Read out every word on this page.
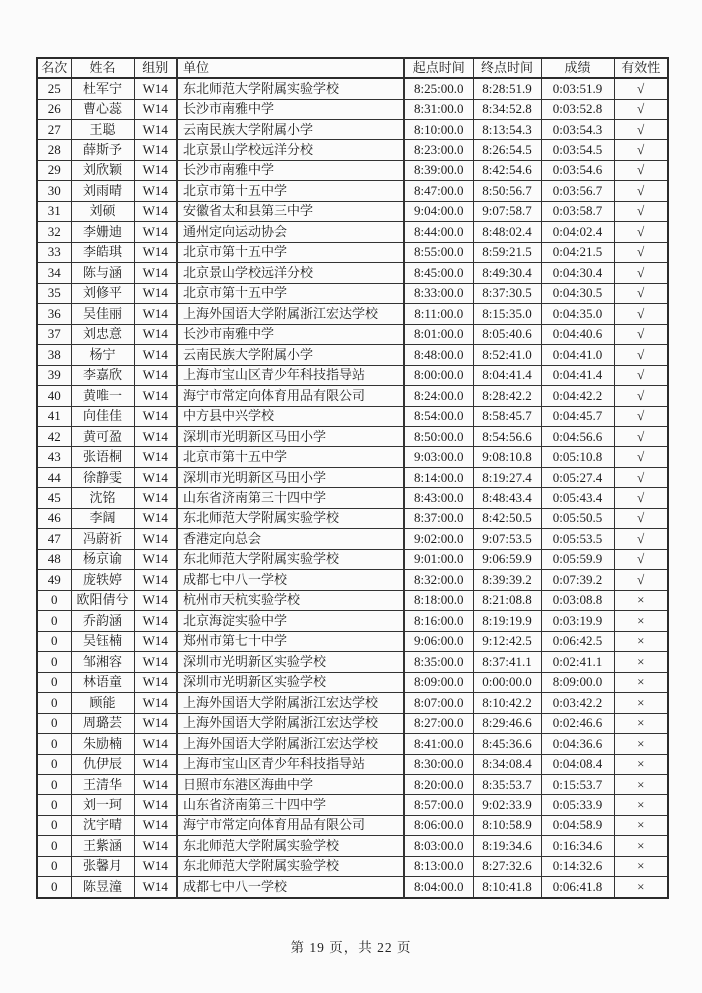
名次	姓名	组别	单位	起点时间	终点时间	成绩	有效性
25	杜军宁	W14	东北师范大学附属实验学校	8:25:00.0	8:28:51.9	0:03:51.9	√
26	曹心蕊	W14	长沙市南雅中学	8:31:00.0	8:34:52.8	0:03:52.8	√
27	王聪	W14	云南民族大学附属小学	8:10:00.0	8:13:54.3	0:03:54.3	√
28	薛斯予	W14	北京景山学校远洋分校	8:23:00.0	8:26:54.5	0:03:54.5	√
29	刘欣颖	W14	长沙市南雅中学	8:39:00.0	8:42:54.6	0:03:54.6	√
30	刘雨晴	W14	北京市第十五中学	8:47:00.0	8:50:56.7	0:03:56.7	√
31	刘硕	W14	安徽省太和县第三中学	9:04:00.0	9:07:58.7	0:03:58.7	√
32	李姗迪	W14	通州定向运动协会	8:44:00.0	8:48:02.4	0:04:02.4	√
33	李皓琪	W14	北京市第十五中学	8:55:00.0	8:59:21.5	0:04:21.5	√
34	陈与涵	W14	北京景山学校远洋分校	8:45:00.0	8:49:30.4	0:04:30.4	√
35	刘修平	W14	北京市第十五中学	8:33:00.0	8:37:30.5	0:04:30.5	√
36	吴佳丽	W14	上海外国语大学附属浙江宏达学校	8:11:00.0	8:15:35.0	0:04:35.0	√
37	刘忠意	W14	长沙市南雅中学	8:01:00.0	8:05:40.6	0:04:40.6	√
38	杨宁	W14	云南民族大学附属小学	8:48:00.0	8:52:41.0	0:04:41.0	√
39	李嘉欣	W14	上海市宝山区青少年科技指导站	8:00:00.0	8:04:41.4	0:04:41.4	√
40	黄唯一	W14	海宁市常定向体育用品有限公司	8:24:00.0	8:28:42.2	0:04:42.2	√
41	向佳佳	W14	中方县中兴学校	8:54:00.0	8:58:45.7	0:04:45.7	√
42	黄可盈	W14	深圳市光明新区马田小学	8:50:00.0	8:54:56.6	0:04:56.6	√
43	张语桐	W14	北京市第十五中学	9:03:00.0	9:08:10.8	0:05:10.8	√
44	徐静雯	W14	深圳市光明新区马田小学	8:14:00.0	8:19:27.4	0:05:27.4	√
45	沈铭	W14	山东省济南第三十四中学	8:43:00.0	8:48:43.4	0:05:43.4	√
46	李阔	W14	东北师范大学附属实验学校	8:37:00.0	8:42:50.5	0:05:50.5	√
47	冯蔚祈	W14	香港定向总会	9:02:00.0	9:07:53.5	0:05:53.5	√
48	杨京谕	W14	东北师范大学附属实验学校	9:01:00.0	9:06:59.9	0:05:59.9	√
49	庞轶婷	W14	成都七中八一学校	8:32:00.0	8:39:39.2	0:07:39.2	√
0	欧阳倩兮	W14	杭州市天杭实验学校	8:18:00.0	8:21:08.8	0:03:08.8	×
0	乔韵涵	W14	北京海淀实验中学	8:16:00.0	8:19:19.9	0:03:19.9	×
0	吴钰楠	W14	郑州市第七十中学	9:06:00.0	9:12:42.5	0:06:42.5	×
0	邹湘容	W14	深圳市光明新区实验学校	8:35:00.0	8:37:41.1	0:02:41.1	×
0	林语童	W14	深圳市光明新区实验学校	8:09:00.0	0:00:00.0	8:09:00.0	×
0	顾能	W14	上海外国语大学附属浙江宏达学校	8:07:00.0	8:10:42.2	0:03:42.2	×
0	周璐芸	W14	上海外国语大学附属浙江宏达学校	8:27:00.0	8:29:46.6	0:02:46.6	×
0	朱励楠	W14	上海外国语大学附属浙江宏达学校	8:41:00.0	8:45:36.6	0:04:36.6	×
0	仇伊辰	W14	上海市宝山区青少年科技指导站	8:30:00.0	8:34:08.4	0:04:08.4	×
0	王清华	W14	日照市东港区海曲中学	8:20:00.0	8:35:53.7	0:15:53.7	×
0	刘一珂	W14	山东省济南第三十四中学	8:57:00.0	9:02:33.9	0:05:33.9	×
0	沈宇晴	W14	海宁市常定向体育用品有限公司	8:06:00.0	8:10:58.9	0:04:58.9	×
0	王紫涵	W14	东北师范大学附属实验学校	8:03:00.0	8:19:34.6	0:16:34.6	×
0	张馨月	W14	东北师范大学附属实验学校	8:13:00.0	8:27:32.6	0:14:32.6	×
0	陈昱潼	W14	成都七中八一学校	8:04:00.0	8:10:41.8	0:06:41.8	×
第 19 页，共 22 页
